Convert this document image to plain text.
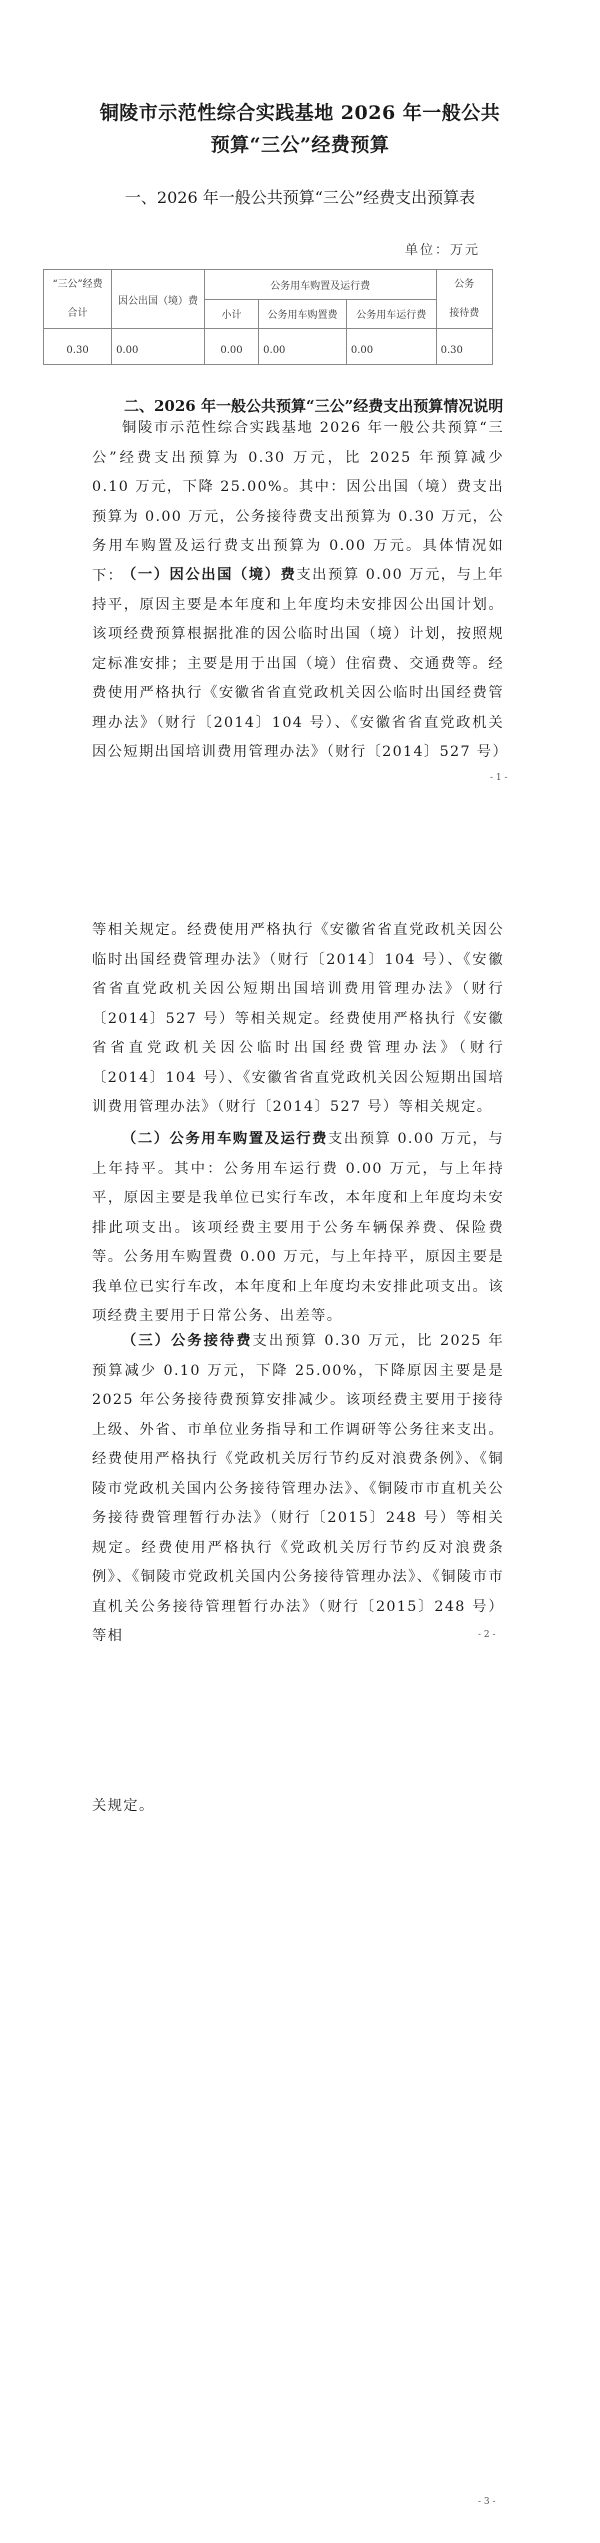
铜陵市示范性综合实践基地 2026 年一般公共
预算“三公”经费预算
一、2026 年一般公共预算“三公”经费支出预算表
单位：万元
“三公”经费
合计
	因公出国（境）费	公务用车购置及运行费	公务
接待费

		小计	公务用车购置费	公务用车运行费	
0.30	0.00	0.00	0.00	0.00	0.30
二、2026 年一般公共预算“三公”经费支出预算情况说明
铜陵市示范性综合实践基地 2026 年一般公共预算“三公”经费支出预算为 0.30 万元，比 2025 年预算减少 0.10 万元，下降 25.00%。其中：因公出国（境）费支出预算为 0.00 万元，公务接待费支出预算为 0.30 万元，公务用车购置及运行费支出预算为 0.00 万元。具体情况如下：
（一）因公出国（境）费支出预算 0.00 万元，与上年持平，原因主要是本年度和上年度均未安排因公出国计划。该项经费预算根据批准的因公临时出国（境）计划，按照规定标准安排；主要是用于出国（境）住宿费、交通费等。经费使用严格执行《安徽省省直党政机关因公临时出国经费管理办法》（财行〔2014〕104 号）、《安徽省省直党政机关因公短期出国培训费用管理办法》（财行〔2014〕527 号）
- 1 -
等相关规定。经费使用严格执行《安徽省省直党政机关因公临时出国经费管理办法》（财行〔2014〕104 号）、《安徽省省直党政机关因公短期出国培训费用管理办法》（财行〔2014〕527 号）等相关规定。经费使用严格执行《安徽省省直党政机关因公临时出国经费管理办法》（财行〔2014〕104 号）、《安徽省省直党政机关因公短期出国培训费用管理办法》（财行〔2014〕527 号）等相关规定。
（二）公务用车购置及运行费支出预算 0.00 万元，与上年持平。其中：公务用车运行费 0.00 万元，与上年持平，原因主要是我单位已实行车改，本年度和上年度均未安排此项支出。该项经费主要用于公务车辆保养费、保险费等。公务用车购置费 0.00 万元，与上年持平，原因主要是我单位已实行车改，本年度和上年度均未安排此项支出。该项经费主要用于日常公务、出差等。
（三）公务接待费支出预算 0.30 万元，比 2025 年预算减少 0.10 万元，下降 25.00%，下降原因主要是是 2025 年公务接待费预算安排减少。该项经费主要用于接待上级、外省、市单位业务指导和工作调研等公务往来支出。经费使用严格执行《党政机关厉行节约反对浪费条例》、《铜陵市党政机关国内公务接待管理办法》、《铜陵市市直机关公务接待费管理暂行办法》（财行〔2015〕248 号）等相关规定。经费使用严格执行《党政机关厉行节约反对浪费条例》、《铜陵市党政机关国内公务接待管理办法》、《铜陵市市直机关公务接待管理暂行办法》（财行〔2015〕248 号）等相	- 2 -
关规定。
- 3 -
